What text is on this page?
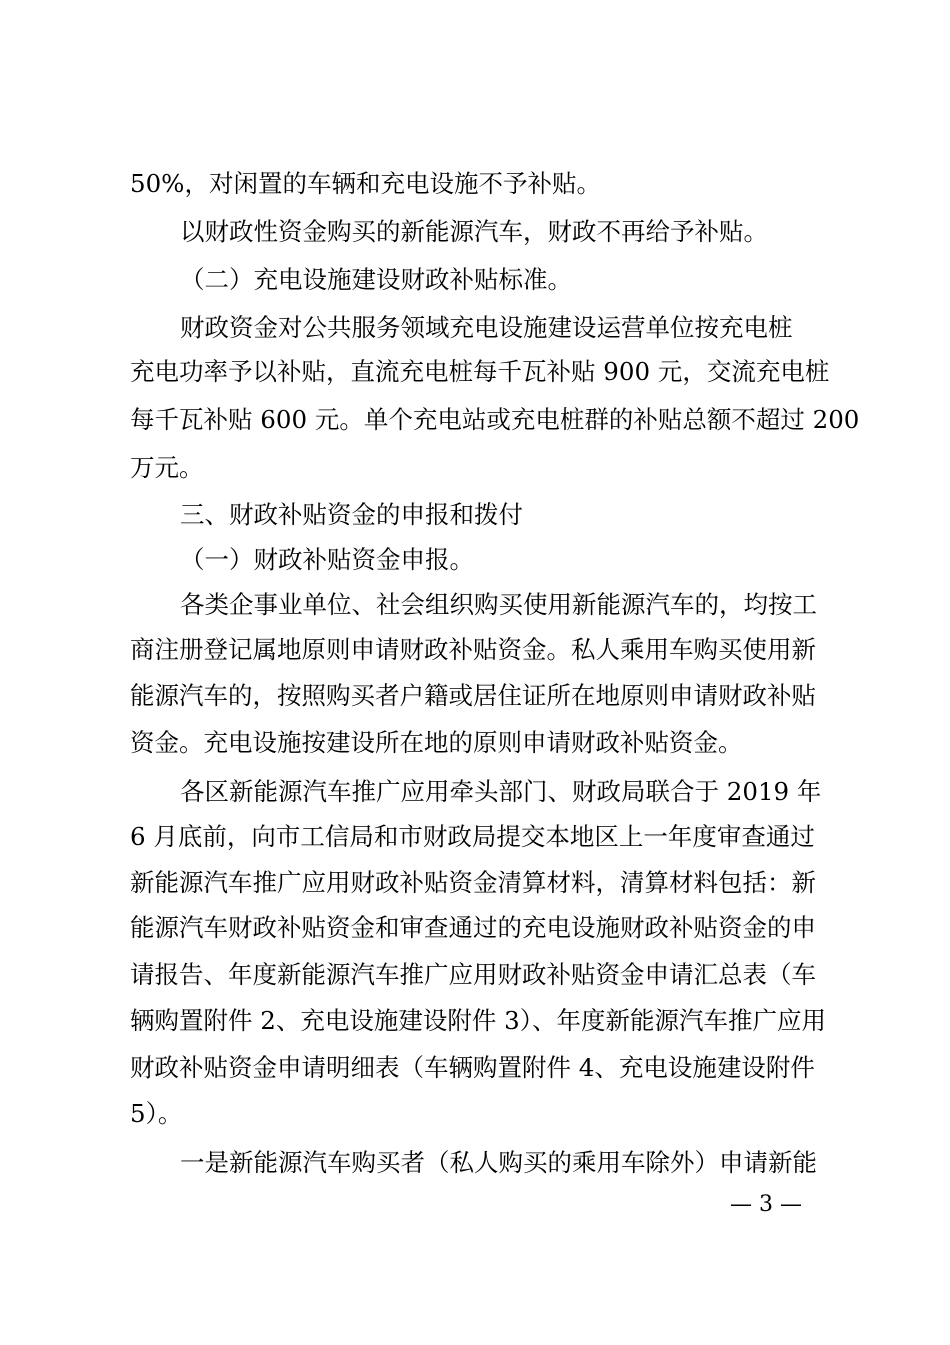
50%，对闲置的车辆和充电设施不予补贴。

以财政性资金购买的新能源汽车，财政不再给予补贴。

（二）充电设施建设财政补贴标准。

财政资金对公共服务领域充电设施建设运营单位按充电桩

充电功率予以补贴，直流充电桩每千瓦补贴 900 元，交流充电桩

每千瓦补贴 600 元。单个充电站或充电桩群的补贴总额不超过 200

万元。

三、财政补贴资金的申报和拨付

（一）财政补贴资金申报。

各类企事业单位、社会组织购买使用新能源汽车的，均按工

商注册登记属地原则申请财政补贴资金。私人乘用车购买使用新

能源汽车的，按照购买者户籍或居住证所在地原则申请财政补贴

资金。充电设施按建设所在地的原则申请财政补贴资金。

各区新能源汽车推广应用牵头部门、财政局联合于 2019 年

6 月底前，向市工信局和市财政局提交本地区上一年度审查通过

新能源汽车推广应用财政补贴资金清算材料，清算材料包括：新

能源汽车财政补贴资金和审查通过的充电设施财政补贴资金的申

请报告、年度新能源汽车推广应用财政补贴资金申请汇总表（车

辆购置附件 2、充电设施建设附件 3）、年度新能源汽车推广应用

财政补贴资金申请明细表（车辆购置附件 4、充电设施建设附件

5）。

一是新能源汽车购买者（私人购买的乘用车除外）申请新能

— 3 —
